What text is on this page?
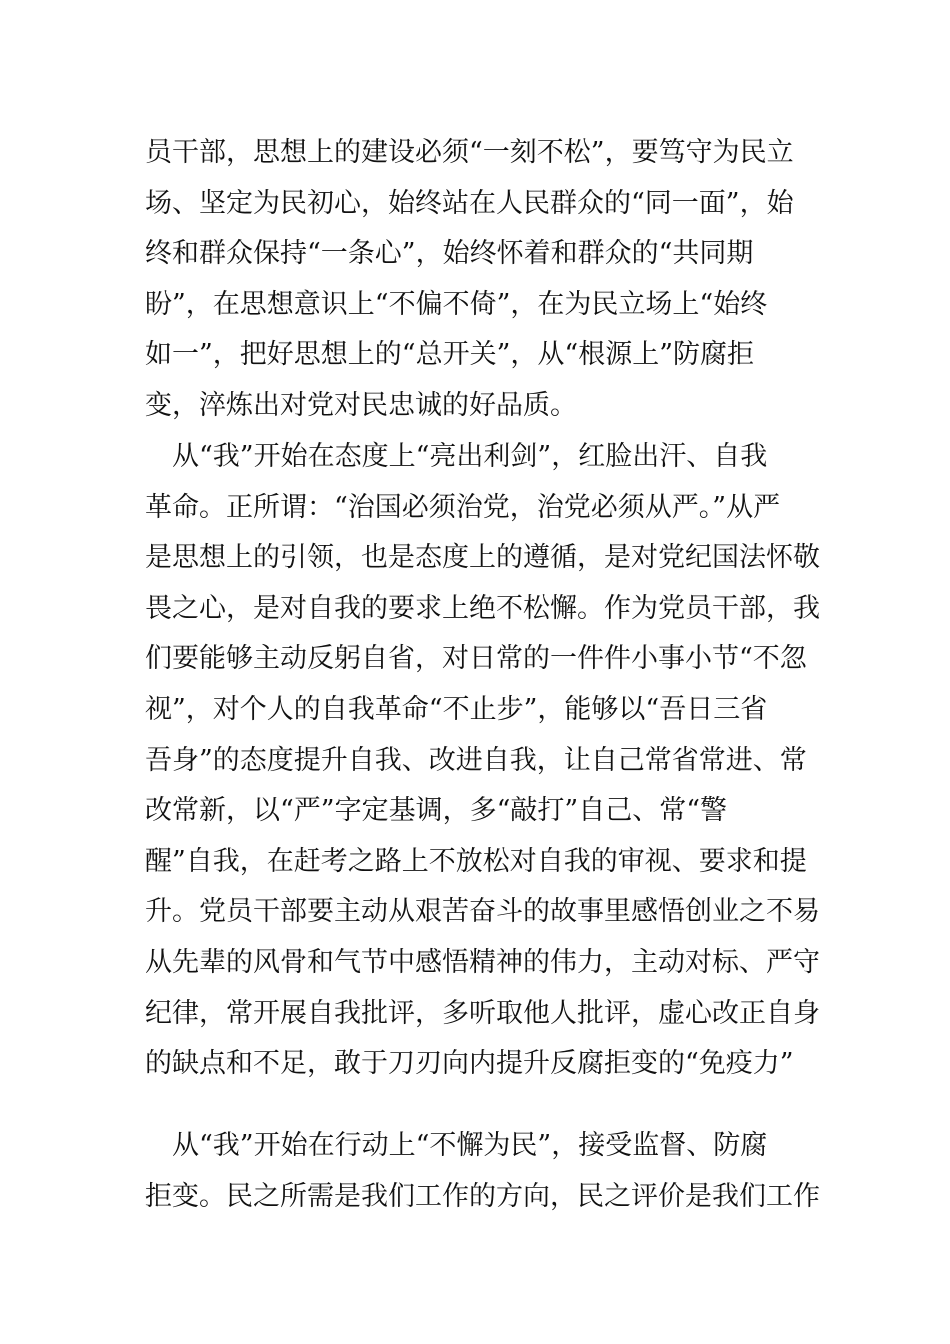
员干部，思想上的建设必须“一刻不松”，要笃守为民立
场、坚定为民初心，始终站在人民群众的“同一面”，始
终和群众保持“一条心”，始终怀着和群众的“共同期
盼”，在思想意识上“不偏不倚”，在为民立场上“始终
如一”，把好思想上的“总开关”，从“根源上”防腐拒
变，淬炼出对党对民忠诚的好品质。
　从“我”开始在态度上“亮出利剑”，红脸出汗、自我
革命。正所谓：“治国必须治党，治党必须从严。”从严
是思想上的引领，也是态度上的遵循，是对党纪国法怀敬
畏之心，是对自我的要求上绝不松懈。作为党员干部，我
们要能够主动反躬自省，对日常的一件件小事小节“不忽
视”，对个人的自我革命“不止步”，能够以“吾日三省
吾身”的态度提升自我、改进自我，让自己常省常进、常
改常新，以“严”字定基调，多“敲打”自己、常“警
醒”自我，在赶考之路上不放松对自我的审视、要求和提
升。党员干部要主动从艰苦奋斗的故事里感悟创业之不易
从先辈的风骨和气节中感悟精神的伟力，主动对标、严守
纪律，常开展自我批评，多听取他人批评，虚心改正自身
的缺点和不足，敢于刀刃向内提升反腐拒变的“免疫力”
　从“我”开始在行动上“不懈为民”，接受监督、防腐
拒变。民之所需是我们工作的方向，民之评价是我们工作
